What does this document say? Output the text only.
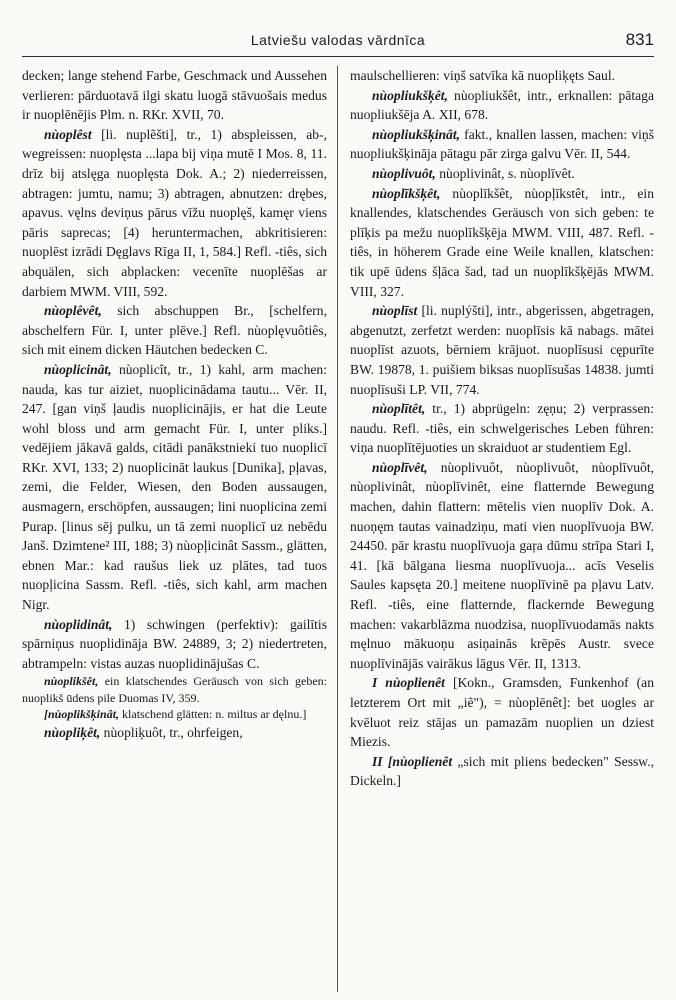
Latviešu valodas vārdnīca	831

decken; lange stehend Farbe, Geschmack und Aussehen verlieren: pārduotavā ilgi skatu luogā stāvuošais medus ir nuoplēnējis Plm. n. RKr. XVII, 70.

nùoplêst [li. nuplẽšti], tr., 1) abspleissen, ab-, wegreissen: nuoplęsta ...lapa bij viņa mutē I Mos. 8, 11. drīz bij atslęga nuoplęsta Dok. A.; 2) niederreissen, abtragen: jumtu, namu; 3) abtragen, abnutzen: drębes, apavus. vęlns deviņus pārus vīžu nuoplęš, kamęr viens pāris saprecas; [4) heruntermachen, abkritisieren: nuoplēst izrādi Dęglavs Rīga II, 1, 584.] Refl. -tiês, sich abquälen, sich abplacken: vecenīte nuoplēšas ar darbiem MWM. VIII, 592.

nùoplêvêt, sich abschuppen Br., [schelfern, abschelfern Für. I, unter plēve.] Refl. nùoplęvuôtiês, sich mit einem dicken Häutchen bedecken C.

nùoplicinât, nùoplicît, tr., 1) kahl, arm machen: nauda, kas tur aiziet, nuoplicinādama tautu... Vēr. II, 247. [gan viņš ļaudis nuoplicinājis, er hat die Leute wohl bloss und arm gemacht Für. I, unter pliks.] vedējiem jākavā galds, citādi panākstnieki tuo nuoplicī RKr. XVI, 133; 2) nuoplicināt laukus [Dunika], pļavas, zemi, die Felder, Wiesen, den Boden aussaugen, ausmagern, erschöpfen, aussaugen; lini nuoplicina zemi Purap. [linus sēj pulku, un tā zemi nuoplicī uz nebēdu Janš. Dzimtene² III, 188; 3) nùopļicinât Sassm., glätten, ebnen Mar.: kad raušus liek uz plātes, tad tuos nuopļicina Sassm. Refl. -tiês, sich kahl, arm machen Nigr.

nùoplidinât, 1) schwingen (perfektiv): gailītis spārniņus nuoplidināja BW. 24889, 3; 2) niedertreten, abtrampeln: vistas auzas nuoplidinājušas C.

nùoplikšêt, ein klatschendes Geräusch von sich geben: nuoplikš ūdens pile Duomas IV, 359.

[nùoplikšķinât, klatschend glätten: n. miltus ar dęlnu.]

nùopliķêt, nùopliķuôt, tr., ohrfeigen,

maulschellieren: viņš satvīka kā nuopliķęts Saul.

nùopliukšķêt, nùopliukšêt, intr., erknallen: pātaga nuopliukšēja A. XII, 678.

nùopliukšķinât, fakt., knallen lassen, machen: viņš nuopliukšķināja pātagu pār zirga galvu Vēr. II, 544.

nùoplivuôt, nùoplivinât, s. nùoplīvêt.

nùoplīkšķêt, nùoplīkšêt, nùopļīkstêt, intr., ein knallendes, klatschendes Geräusch von sich geben: te plīķis pa mežu nuoplīkšķēja MWM. VIII, 487. Refl. -tiês, in höherem Grade eine Weile knallen, klatschen: tik upē ūdens šļāca šad, tad un nuoplīkšķējās MWM. VIII, 327.

nùoplīst [li. nuplýšti], intr., abgerissen, abgetragen, abgenutzt, zerfetzt werden: nuoplīsis kā nabags. mātei nuoplīst azuots, bērniem krājuot. nuoplīsusi cępurīte BW. 19878, 1. puišiem biksas nuoplīsušas 14838. jumti nuoplīsuši LP. VII, 774.

nùoplītêt, tr., 1) abprügeln: zęņu; 2) verprassen: naudu. Refl. -tiês, ein schwelgerisches Leben führen: viņa nuoplītējuoties un skraiduot ar studentiem Egl.

nùoplīvêt, nùoplivuôt, nùoplivuôt, nùoplīvuôt, nùoplivinât, nùoplīvinêt, eine flatternde Bewegung machen, dahin flattern: mētelis vien nuoplīv Dok. A. nuoņęm tautas vainadziņu, mati vien nuoplīvuoja BW. 24450. pār krastu nuoplīvuoja gaŗa dūmu strīpa Stari I, 41. [kā bālgana liesma nuoplīvuoja... acīs Veselis Saules kapsęta 20.] meitene nuoplīvinē pa pļavu Latv. Refl. -tiês, eine flatternde, flackernde Bewegung machen: vakarblāzma nuodzisa, nuoplīvuodamās nakts męlnuo mākuoņu asiņainās krēpēs Austr. svece nuoplīvinājās vairākus lāgus Vēr. II, 1313.

I nùoplienêt [Kokn., Gramsden, Funkenhof (an letzterem Ort mit „iẽ"), = nùoplēnêt]: bet uogles ar kvēluot reiz stājas un pamazām nuoplien un dziest Miezis.

II [nùoplienêt „sich mit pliens bedecken" Sessw., Dickeln.]
